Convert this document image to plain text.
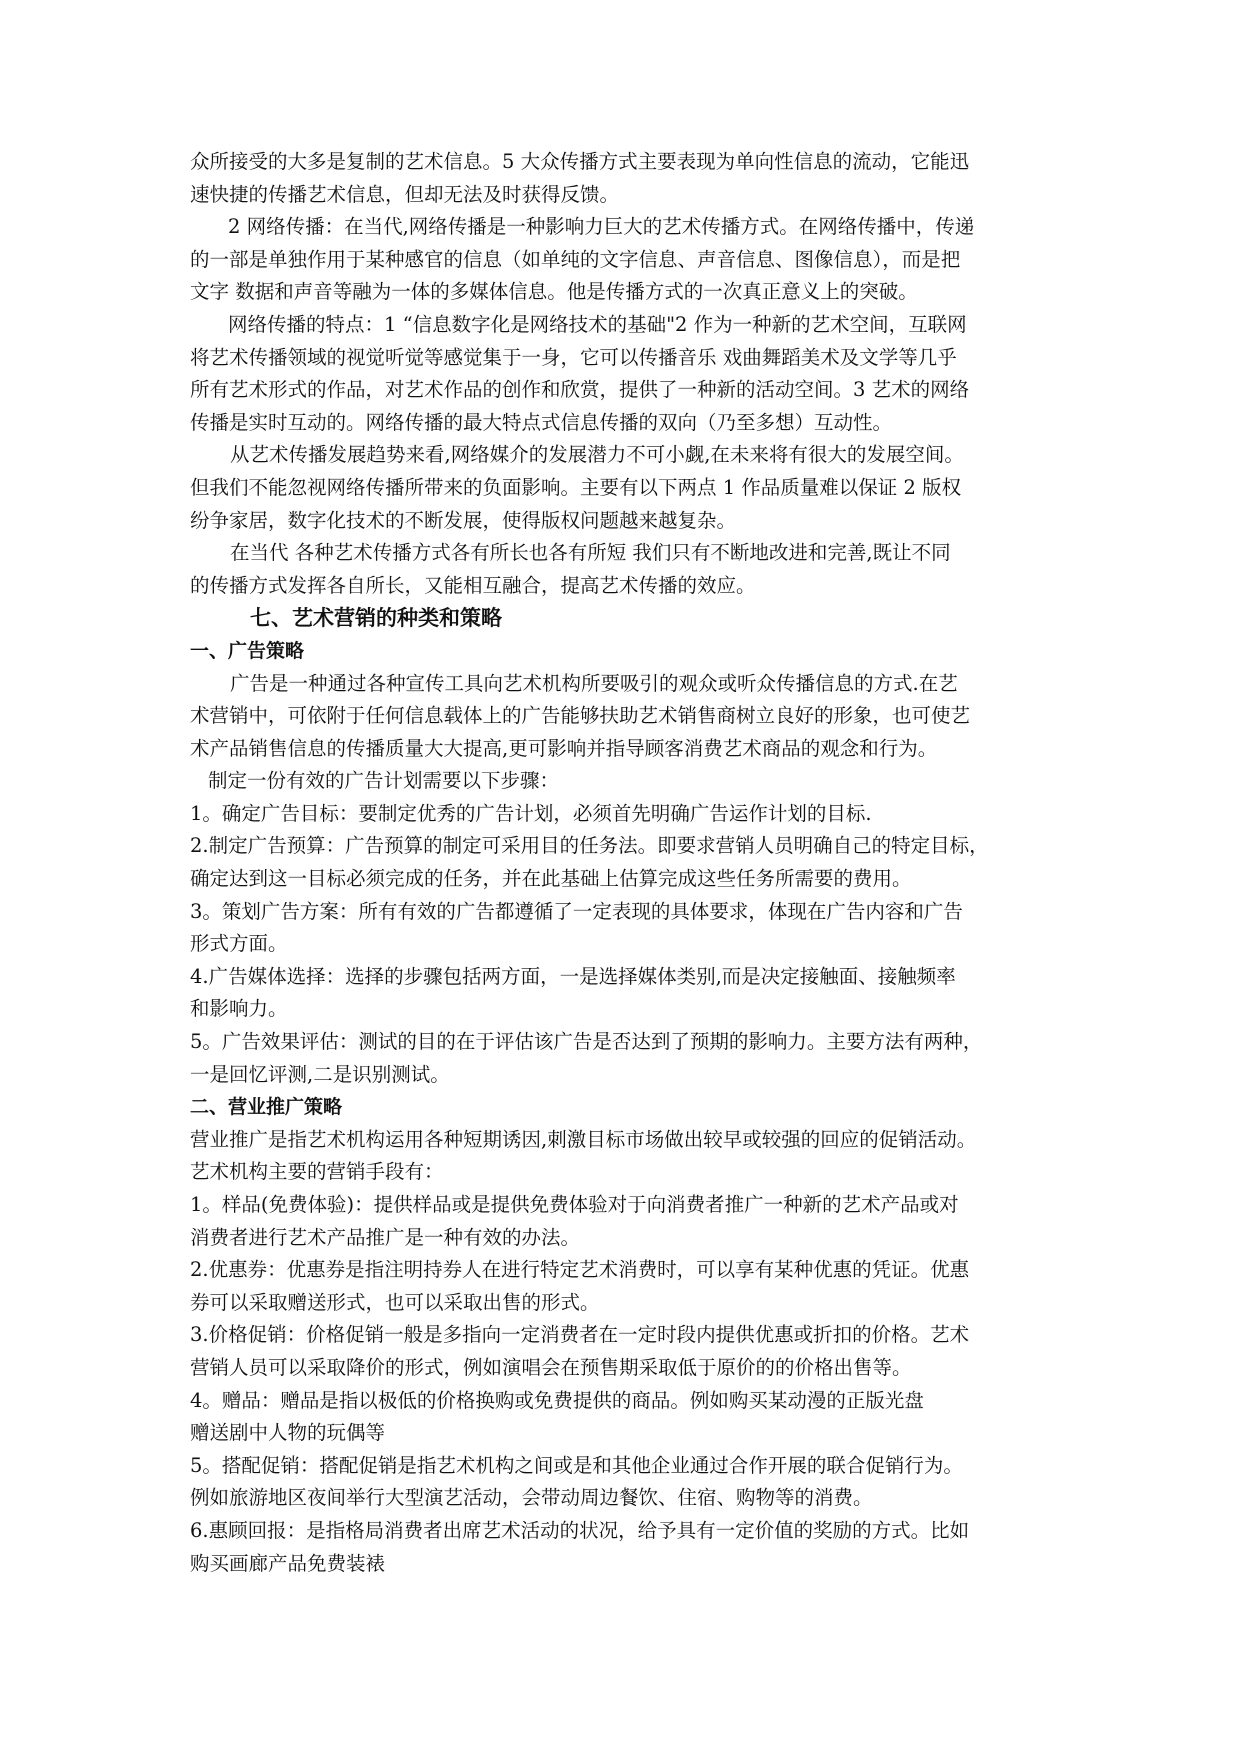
众所接受的大多是复制的艺术信息。5 大众传播方式主要表现为单向性信息的流动，它能迅
速快捷的传播艺术信息，但却无法及时获得反馈。
2 网络传播：在当代,网络传播是一种影响力巨大的艺术传播方式。在网络传播中，传递
的一部是单独作用于某种感官的信息（如单纯的文字信息、声音信息、图像信息），而是把
文字 数据和声音等融为一体的多媒体信息。他是传播方式的一次真正意义上的突破。
网络传播的特点：1 “信息数字化是网络技术的基础"2 作为一种新的艺术空间，互联网
将艺术传播领域的视觉听觉等感觉集于一身，它可以传播音乐 戏曲舞蹈美术及文学等几乎
所有艺术形式的作品，对艺术作品的创作和欣赏，提供了一种新的活动空间。3 艺术的网络
传播是实时互动的。网络传播的最大特点式信息传播的双向（乃至多想）互动性。
从艺术传播发展趋势来看,网络媒介的发展潜力不可小觑,在未来将有很大的发展空间。
但我们不能忽视网络传播所带来的负面影响。主要有以下两点 1 作品质量难以保证 2 版权
纷争家居，数字化技术的不断发展，使得版权问题越来越复杂。
在当代 各种艺术传播方式各有所长也各有所短 我们只有不断地改进和完善,既让不同
的传播方式发挥各自所长，又能相互融合，提高艺术传播的效应。
七、艺术营销的种类和策略
一、广告策略
广告是一种通过各种宣传工具向艺术机构所要吸引的观众或听众传播信息的方式.在艺
术营销中，可依附于任何信息载体上的广告能够扶助艺术销售商树立良好的形象，也可使艺
术产品销售信息的传播质量大大提高,更可影响并指导顾客消费艺术商品的观念和行为。
制定一份有效的广告计划需要以下步骤：
1。确定广告目标：要制定优秀的广告计划，必须首先明确广告运作计划的目标.
2.制定广告预算：广告预算的制定可采用目的任务法。即要求营销人员明确自己的特定目标，
确定达到这一目标必须完成的任务，并在此基础上估算完成这些任务所需要的费用。
3。策划广告方案：所有有效的广告都遵循了一定表现的具体要求，体现在广告内容和广告
形式方面。
4.广告媒体选择：选择的步骤包括两方面，一是选择媒体类别,而是决定接触面、接触频率
和影响力。
5。广告效果评估：测试的目的在于评估该广告是否达到了预期的影响力。主要方法有两种，
一是回忆评测,二是识别测试。
二、营业推广策略
营业推广是指艺术机构运用各种短期诱因,刺激目标市场做出较早或较强的回应的促销活动。
艺术机构主要的营销手段有：
1。样品(免费体验)：提供样品或是提供免费体验对于向消费者推广一种新的艺术产品或对
消费者进行艺术产品推广是一种有效的办法。
2.优惠券：优惠券是指注明持券人在进行特定艺术消费时，可以享有某种优惠的凭证。优惠
券可以采取赠送形式，也可以采取出售的形式。
3.价格促销：价格促销一般是多指向一定消费者在一定时段内提供优惠或折扣的价格。艺术
营销人员可以采取降价的形式，例如演唱会在预售期采取低于原价的的价格出售等。
4。赠品：赠品是指以极低的价格换购或免费提供的商品。例如购买某动漫的正版光盘
赠送剧中人物的玩偶等
5。搭配促销：搭配促销是指艺术机构之间或是和其他企业通过合作开展的联合促销行为。
例如旅游地区夜间举行大型演艺活动，会带动周边餐饮、住宿、购物等的消费。
6.惠顾回报：是指格局消费者出席艺术活动的状况，给予具有一定价值的奖励的方式。比如
购买画廊产品免费装裱
